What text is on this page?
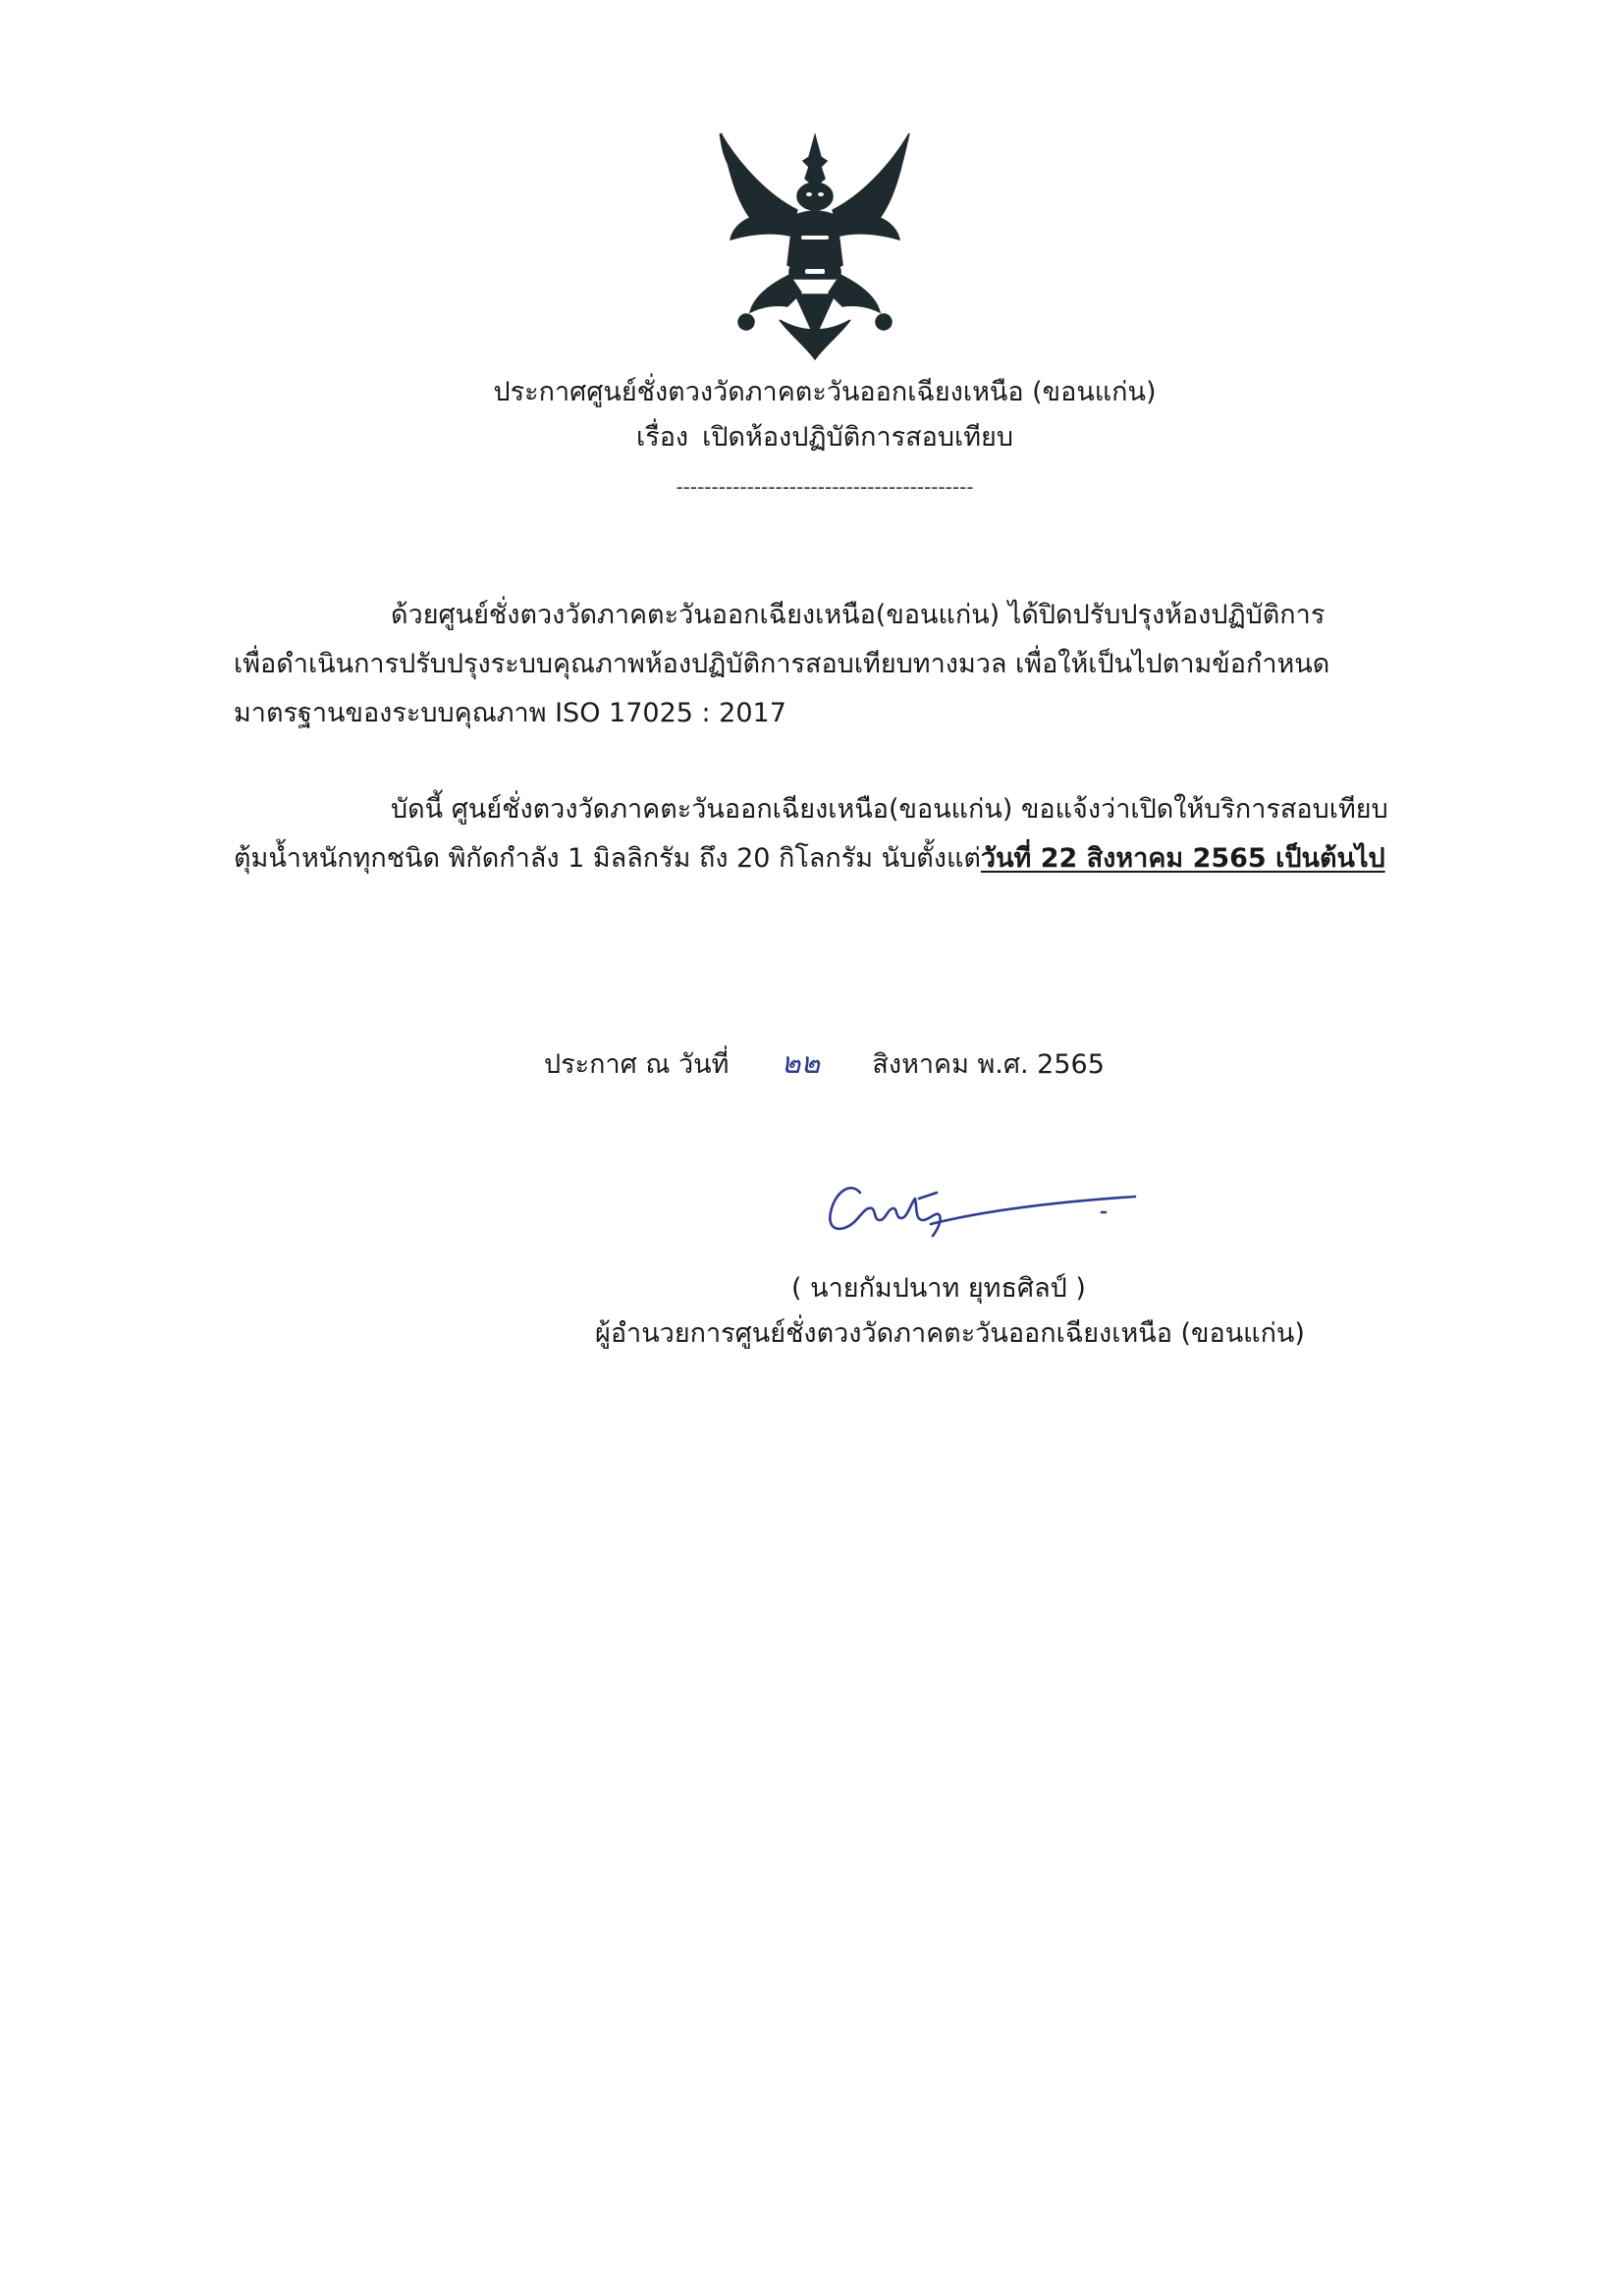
ประกาศศูนย์ชั่งตวงวัดภาคตะวันออกเฉียงเหนือ (ขอนแก่น)
เรื่อง เปิดห้องปฏิบัติการสอบเทียบ
------------------------------------------
ด้วยศูนย์ชั่งตวงวัดภาคตะวันออกเฉียงเหนือ(ขอนแก่น) ได้ปิดปรับปรุงห้องปฏิบัติการ
เพื่อดำเนินการปรับปรุงระบบคุณภาพห้องปฏิบัติการสอบเทียบทางมวล เพื่อให้เป็นไปตามข้อกำหนด
มาตรฐานของระบบคุณภาพ ISO 17025 : 2017
บัดนี้ ศูนย์ชั่งตวงวัดภาคตะวันออกเฉียงเหนือ(ขอนแก่น) ขอแจ้งว่าเปิดให้บริการสอบเทียบ
ตุ้มน้ำหนักทุกชนิด พิกัดกำลัง 1 มิลลิกรัม ถึง 20 กิโลกรัม นับตั้งแต่วันที่ 22 สิงหาคม 2565 เป็นต้นไป
ประกาศ ณ วันที่	๒๒	สิงหาคม พ.ศ. 2565
( นายกัมปนาท ยุทธศิลป์ )
ผู้อำนวยการศูนย์ชั่งตวงวัดภาคตะวันออกเฉียงเหนือ (ขอนแก่น)
